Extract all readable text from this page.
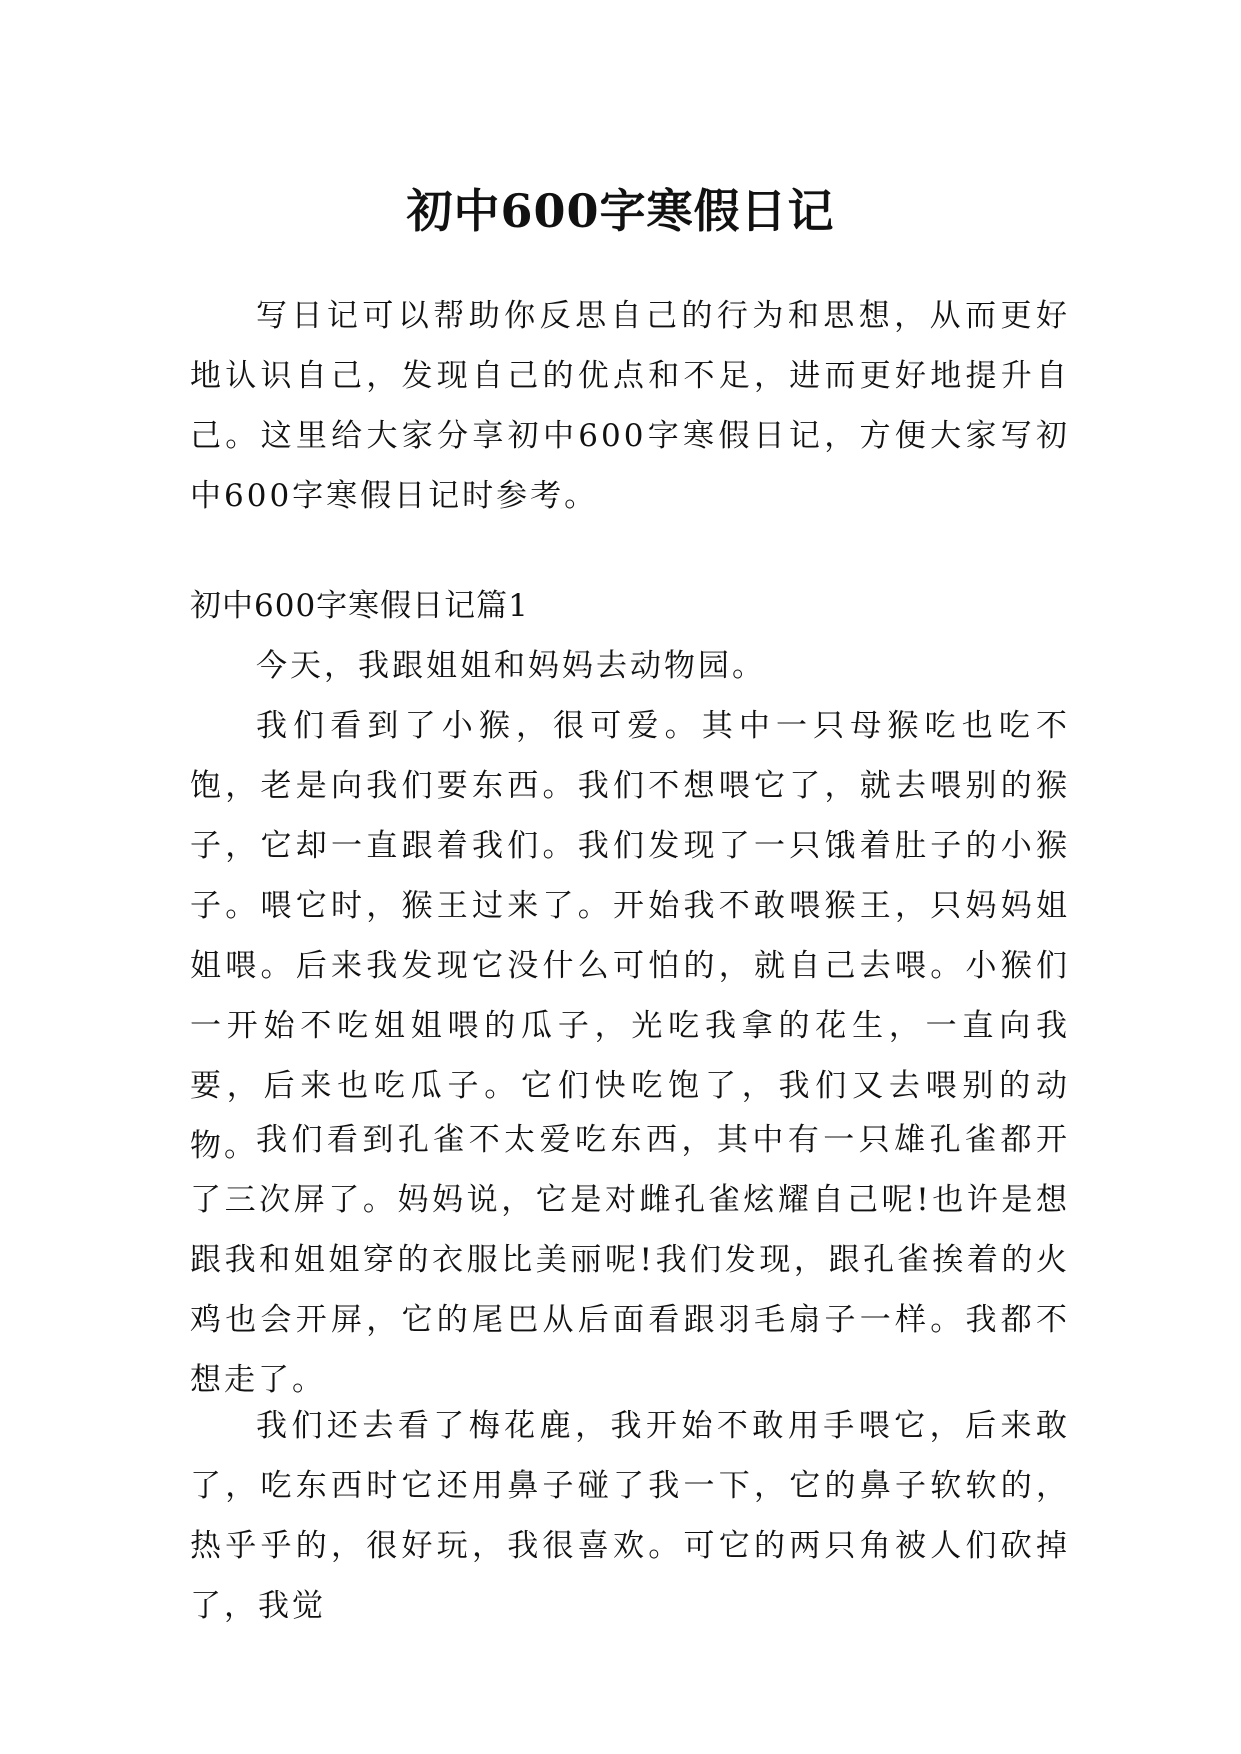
初中600字寒假日记

写日记可以帮助你反思自己的行为和思想，从而更好地认识自己，发现自己的优点和不足，进而更好地提升自己。这里给大家分享初中600字寒假日记，方便大家写初中600字寒假日记时参考。

初中600字寒假日记篇1

今天，我跟姐姐和妈妈去动物园。

我们看到了小猴，很可爱。其中一只母猴吃也吃不饱，老是向我们要东西。我们不想喂它了，就去喂别的猴子，它却一直跟着我们。我们发现了一只饿着肚子的小猴子。喂它时，猴王过来了。开始我不敢喂猴王，只妈妈姐姐喂。后来我发现它没什么可怕的，就自己去喂。小猴们一开始不吃姐姐喂的瓜子，光吃我拿的花生，一直向我要，后来也吃瓜子。它们快吃饱了，我们又去喂别的动物。

我们看到孔雀不太爱吃东西，其中有一只雄孔雀都开了三次屏了。妈妈说，它是对雌孔雀炫耀自己呢!也许是想跟我和姐姐穿的衣服比美丽呢!我们发现，跟孔雀挨着的火鸡也会开屏，它的尾巴从后面看跟羽毛扇子一样。我都不想走了。

我们还去看了梅花鹿，我开始不敢用手喂它，后来敢了，吃东西时它还用鼻子碰了我一下，它的鼻子软软的，热乎乎的，很好玩，我很喜欢。可它的两只角被人们砍掉了，我觉
